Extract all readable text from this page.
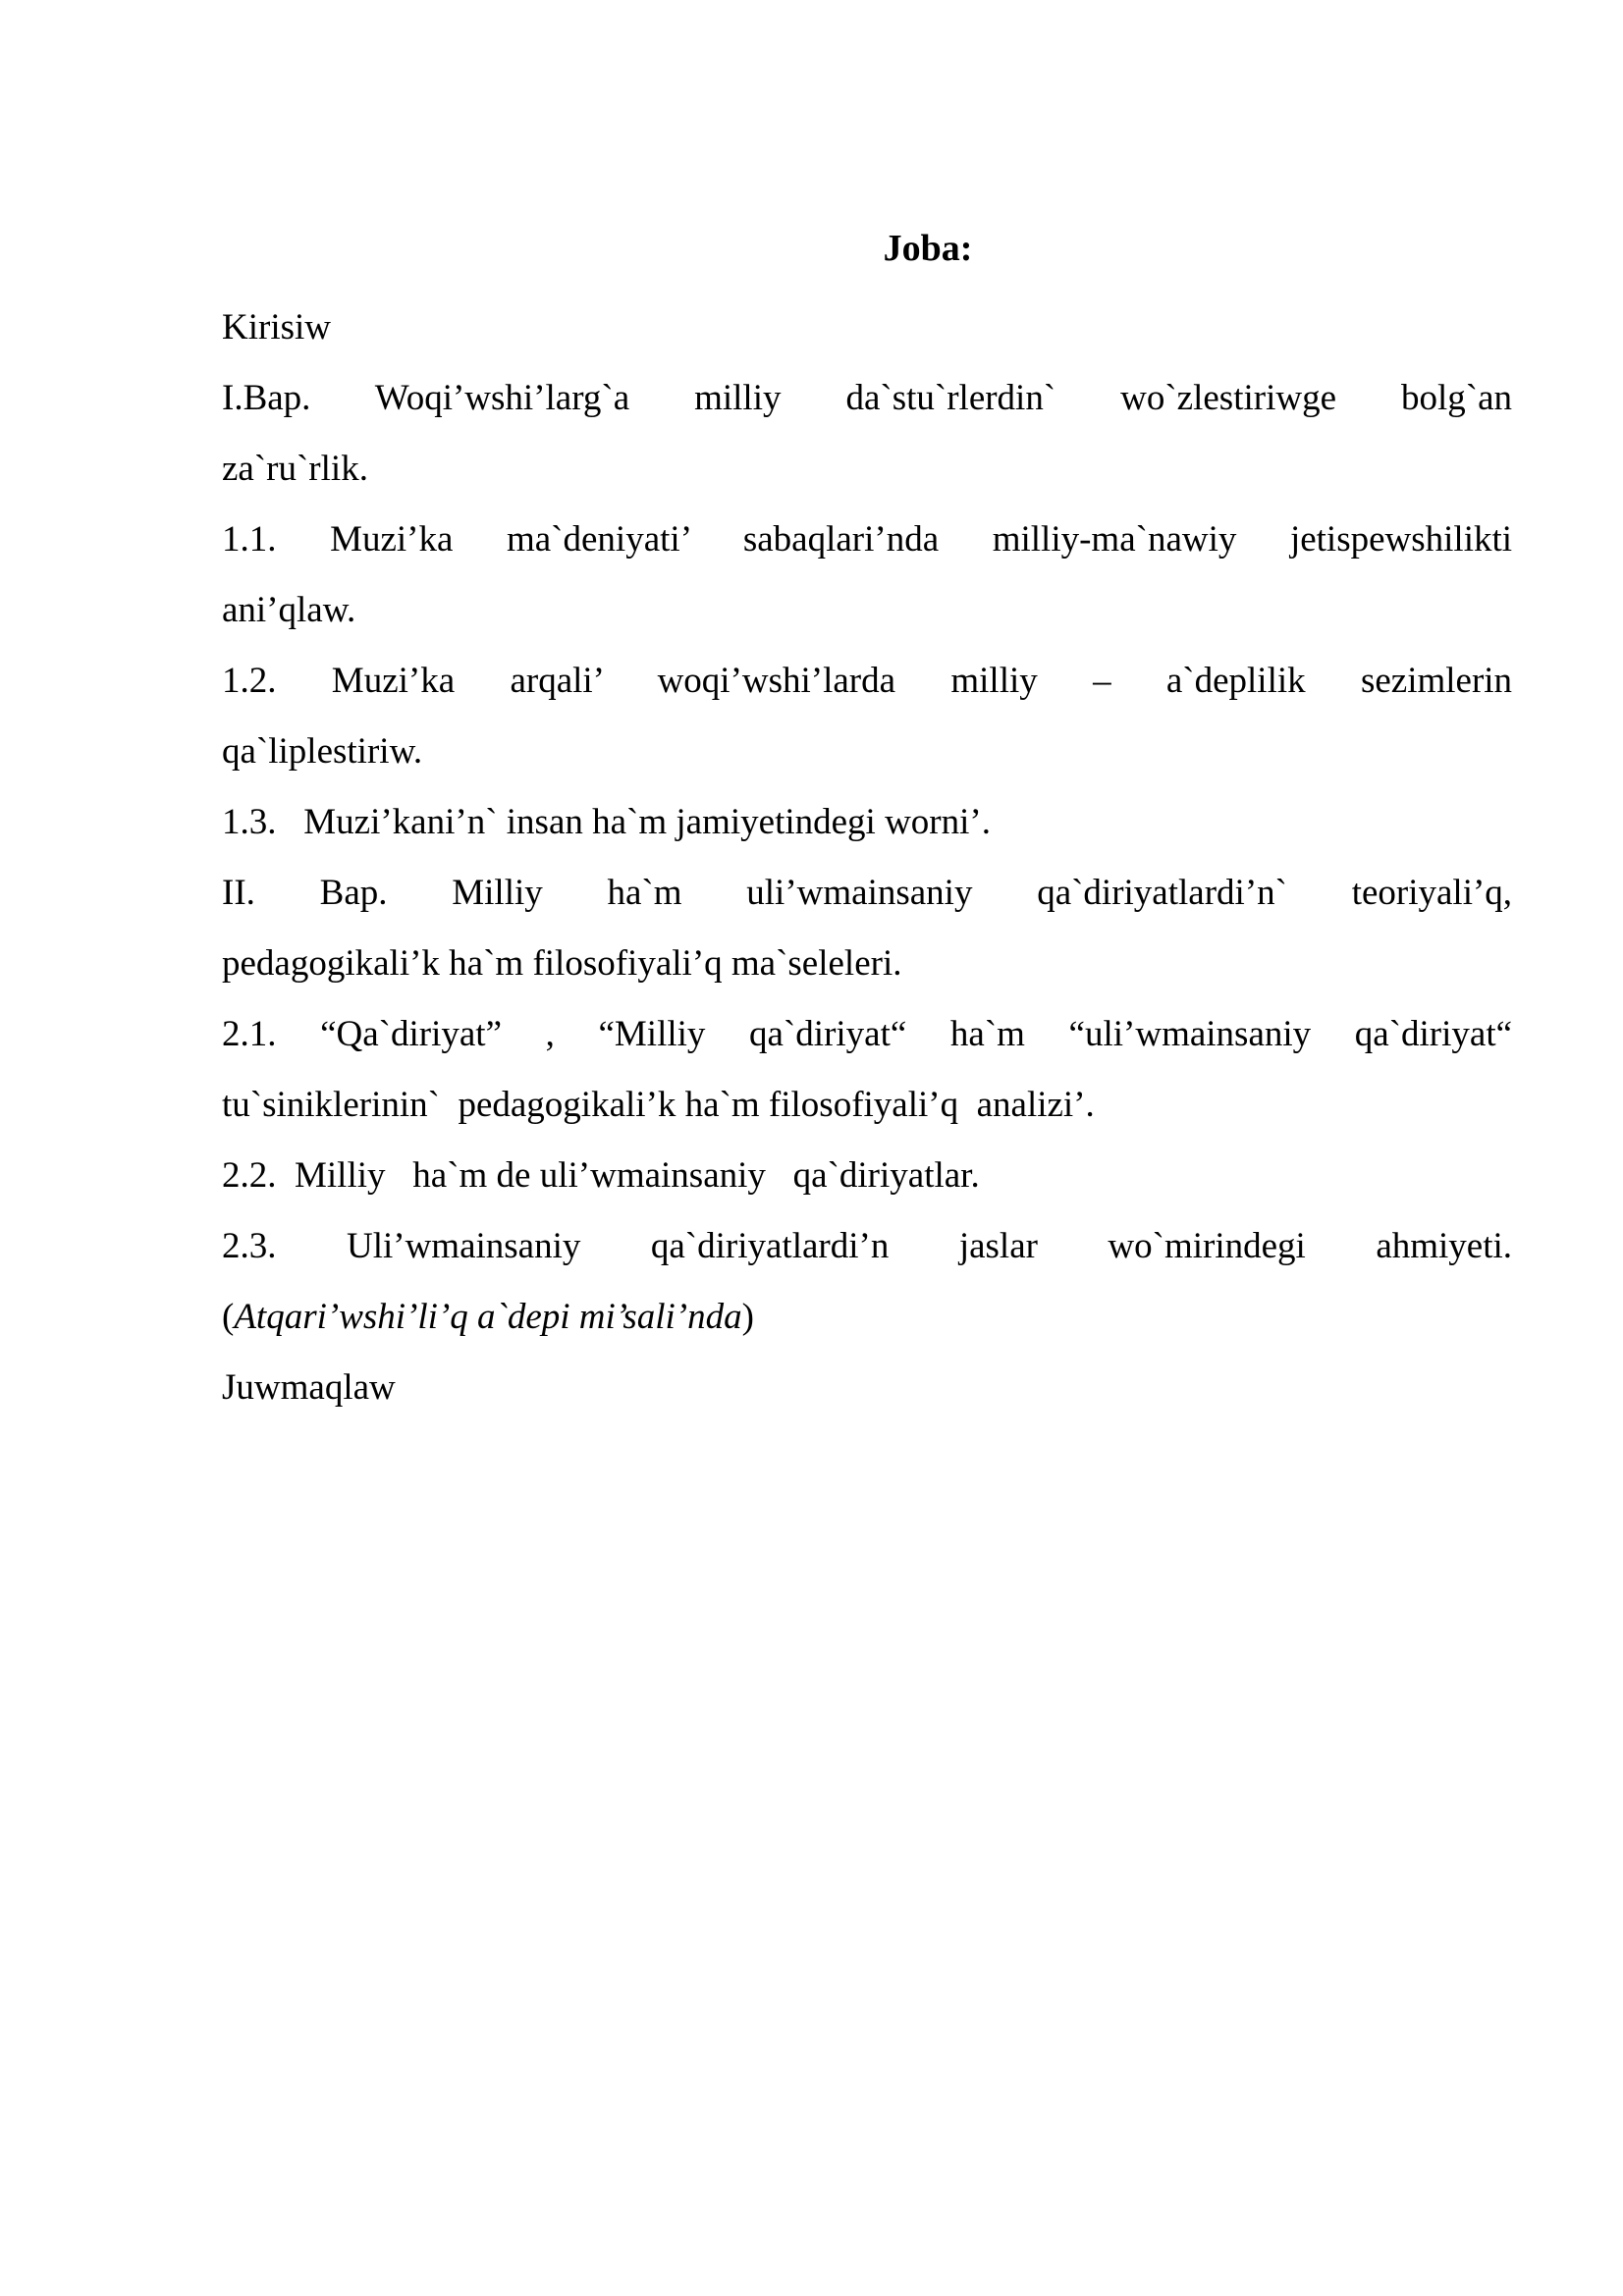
Joba:
Kirisiw
I.Bap. Woqi’wshi’larg`a milliy da`stu`rlerdin` wo`zlestiriwge bolg`an
za`ru`rlik.
1.1. Muzi’ka ma`deniyati’ sabaqlari’nda milliy-ma`nawiy jetispewshilikti
ani’qlaw.
1.2. Muzi’ka arqali’ woqi’wshi’larda milliy – a`deplilik sezimlerin
qa`liplestiriw.
1.3.   Muzi’kani’n` insan ha`m jamiyetindegi worni’.
II. Bap. Milliy ha`m uli’wmainsaniy qa`diriyatlardi’n` teoriyali’q,
pedagogikali’k ha`m filosofiyali’q ma`seleleri.
2.1. “Qa`diriyat” , “Milliy qa`diriyat“ ha`m “uli’wmainsaniy qa`diriyat“
tu`siniklerinin`  pedagogikali’k ha`m filosofiyali’q  analizi’.
2.2.  Milliy   ha`m de uli’wmainsaniy   qa`diriyatlar.
2.3. Uli’wmainsaniy qa`diriyatlardi’n jaslar wo`mirindegi ahmiyeti.
(Atqari’wshi’li’q a`depi mi’sali’nda)
Juwmaqlaw
